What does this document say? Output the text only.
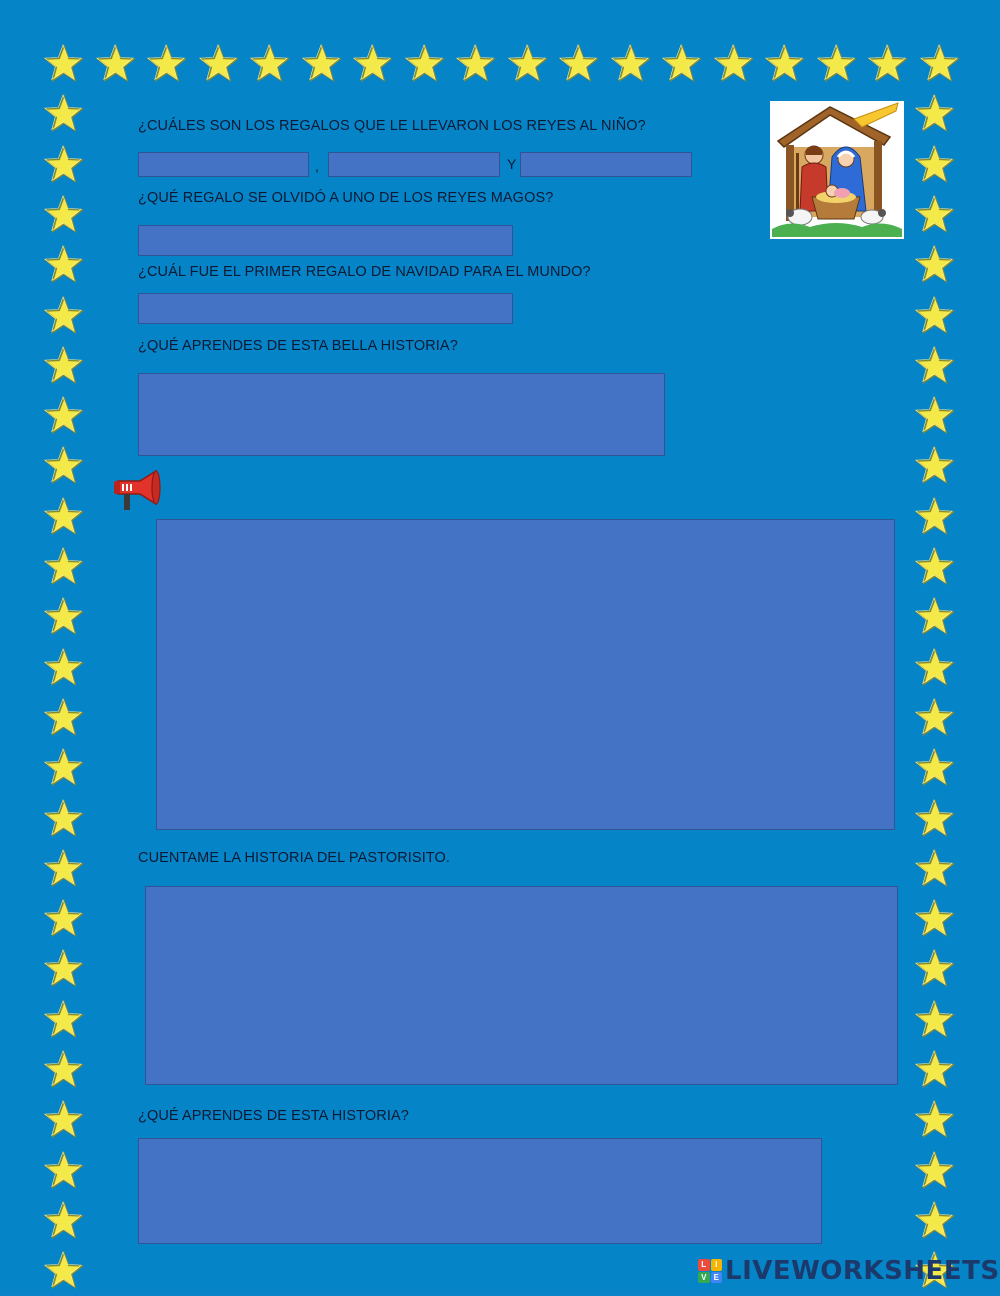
¿CUÁLES SON LOS REGALOS QUE LE LLEVARON LOS REYES AL NIÑO?
,	Y
¿QUÉ REGALO SE OLVIDÓ A UNO DE LOS REYES MAGOS?
¿CUÁL FUE EL PRIMER REGALO DE NAVIDAD PARA EL MUNDO?
¿QUÉ APRENDES DE ESTA BELLA HISTORIA?
CUENTAME LA HISTORIA DEL PASTORISITO.
¿QUÉ APRENDES DE ESTA HISTORIA?
L	I
V E LIVEWORKSHEETS
